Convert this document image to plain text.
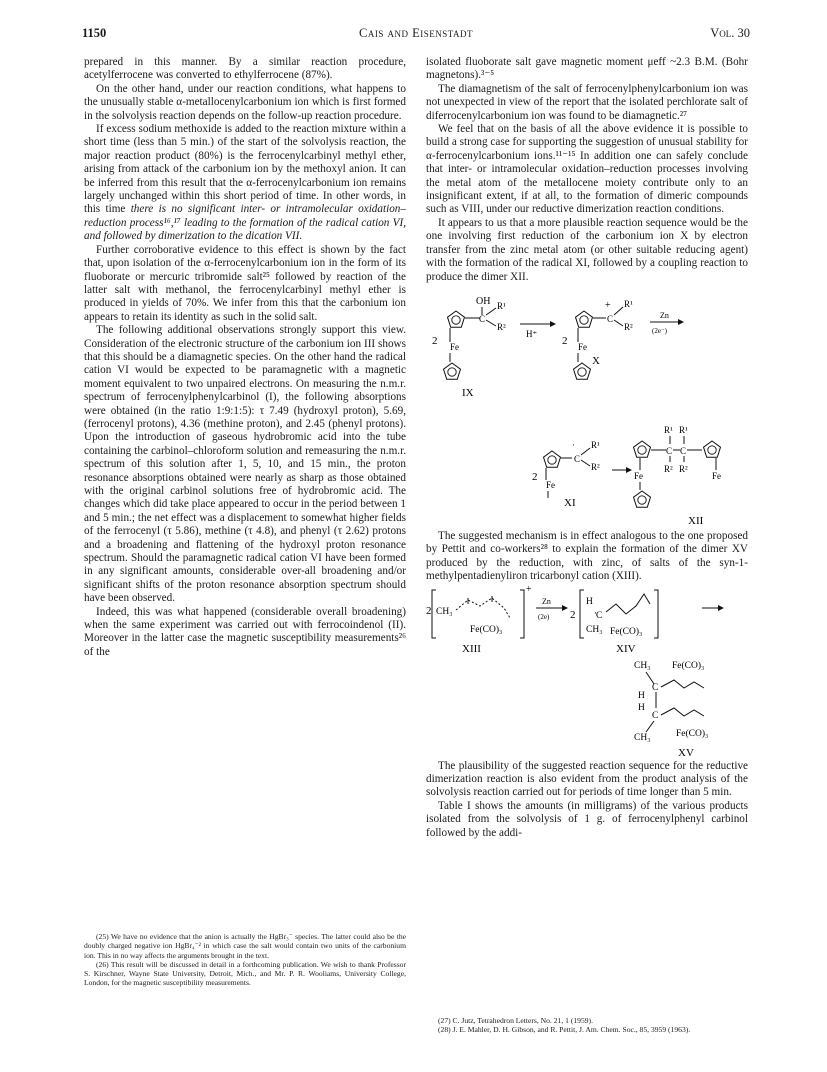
1150	Cais and Eisenstadt	Vol. 30

prepared in this manner. By a similar reaction procedure, acetylferrocene was converted to ethylferrocene (87%).

On the other hand, under our reaction conditions, what happens to the unusually stable α-metallocenylcarbonium ion which is first formed in the solvolysis reaction depends on the follow-up reaction procedure.

If excess sodium methoxide is added to the reaction mixture within a short time (less than 5 min.) of the start of the solvolysis reaction, the major reaction product (80%) is the ferrocenylcarbinyl methyl ether, arising from attack of the carbonium ion by the methoxyl anion. It can be inferred from this result that the α-ferrocenylcarbonium ion remains largely unchanged within this short period of time. In other words, in this time there is no significant inter- or intramolecular oxidation–reduction process¹⁶,¹⁷ leading to the formation of the radical cation VI, and followed by dimerization to the dication VII.

Further corroborative evidence to this effect is shown by the fact that, upon isolation of the α-ferrocenylcarbonium ion in the form of its fluoborate or mercuric tribromide salt²⁵ followed by reaction of the latter salt with methanol, the ferrocenylcarbinyl methyl ether is produced in yields of 70%. We infer from this that the carbonium ion appears to retain its identity as such in the solid salt.

The following additional observations strongly support this view. Consideration of the electronic structure of the carbonium ion III shows that this should be a diamagnetic species. On the other hand the radical cation VI would be expected to be paramagnetic with a magnetic moment equivalent to two unpaired electrons. On measuring the n.m.r. spectrum of ferrocenylphenylcarbinol (I), the following absorptions were obtained (in the ratio 1:9:1:5): τ 7.49 (hydroxyl proton), 5.69, (ferrocenyl protons), 4.36 (methine proton), and 2.45 (phenyl protons). Upon the introduction of gaseous hydrobromic acid into the tube containing the carbinol–chloroform solution and remeasuring the n.m.r. spectrum of this solution after 1, 5, 10, and 15 min., the proton resonance absorptions obtained were nearly as sharp as those obtained with the original carbinol solutions free of hydrobromic acid. The changes which did take place appeared to occur in the period between 1 and 5 min.; the net effect was a displacement to somewhat higher fields of the ferrocenyl (τ 5.86), methine (τ 4.8), and phenyl (τ 2.62) protons and a broadening and flattening of the hydroxyl proton resonance spectrum. Should the paramagnetic radical cation VI have been formed in any significant amounts, considerable over-all broadening and/or significant shifts of the proton resonance absorption spectrum should have been observed.

Indeed, this was what happened (considerable overall broadening) when the same experiment was carried out with ferrocoindenol (II). Moreover in the latter case the magnetic susceptibility measurements²⁶ of the

(25) We have no evidence that the anion is actually the HgBr₃⁻ species. The latter could also be the doubly charged negative ion HgBr₄⁻² in which case the salt would contain two units of the carbonium ion. This in no way affects the arguments brought in the text.

(26) This result will be discussed in detail in a forthcoming publication. We wish to thank Professor S. Kirschner, Wayne State University, Detroit, Mich., and Mr. P. R. Wooliams, University College, London, for the magnetic susceptibility measurements.

isolated fluoborate salt gave magnetic moment μeff ~2.3 B.M. (Bohr magnetons).³⁻⁵

The diamagnetism of the salt of ferrocenylphenylcarbonium ion was not unexpected in view of the report that the isolated perchlorate salt of diferrocenylcarbonium ion was found to be diamagnetic.²⁷

We feel that on the basis of all the above evidence it is possible to build a strong case for supporting the suggestion of unusual stability for α-ferrocenylcarbonium ions.¹¹⁻¹⁵ In addition one can safely conclude that inter- or intramolecular oxidation–reduction processes involving the metal atom of the metallocene moiety contribute only to an insignificant extent, if at all, to the formation of dimeric compounds such as VIII, under our reductive dimerization reaction conditions.

It appears to us that a more plausible reaction sequence would be the one involving first reduction of the carbonium ion X by electron transfer from the zinc metal atom (or other suitable reducing agent) with the formation of the radical XI, followed by a coupling reaction to produce the dimer XII.

2
OH
C
R¹
R²
Fe
IX
H⁺
2
+
C
R¹
R²
Fe
X
Zn
(2e⁻)
2
·
C
R¹
R²
Fe
XI
C C
R¹ R¹
R² R²
Fe	Fe
XII

The suggested mechanism is in effect analogous to the one proposed by Pettit and co-workers²⁸ to explain the formation of the dimer XV produced by the reduction, with zinc, of salts of the syn-1-methylpentadienyliron tricarbonyl cation (XIII).

2 CH₃
Fe(CO)₃
+
XIII
Zn
(2e) 2
H
· C
CH₃ Fe(CO)₃
XIV
CH₃ Fe(CO)₃
C
H
H
C
CH₃	Fe(CO)₃
XV

The plausibility of the suggested reaction sequence for the reductive dimerization reaction is also evident from the product analysis of the solvolysis reaction carried out for periods of time longer than 5 min.

Table I shows the amounts (in milligrams) of the various products isolated from the solvolysis of 1 g. of ferrocenylphenyl carbinol followed by the addi-

(27) C. Jutz, Tetrahedron Letters, No. 21, 1 (1959).

(28) J. E. Mahler, D. H. Gibson, and R. Pettit, J. Am. Chem. Soc., 85, 3959 (1963).
